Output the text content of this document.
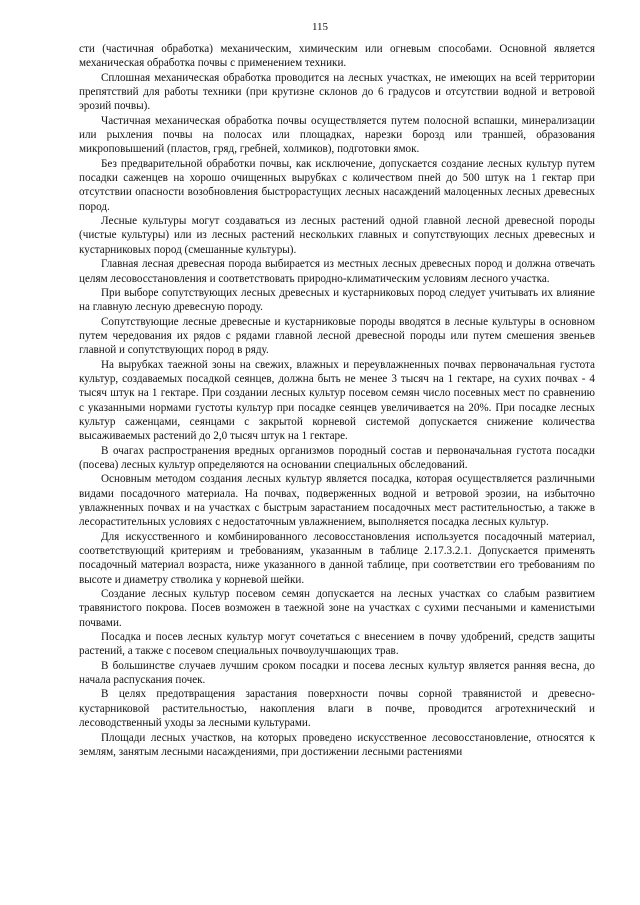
115

сти (частичная обработка) механическим, химическим или огневым способами. Основной является механическая обработка почвы с применением техники.

Сплошная механическая обработка проводится на лесных участках, не имеющих на всей территории препятствий для работы техники (при крутизне склонов до 6 градусов и отсутствии водной и ветровой эрозий почвы).

Частичная механическая обработка почвы осуществляется путем полосной вспашки, минерализации или рыхления почвы на полосах или площадках, нарезки борозд или траншей, образования микроповышений (пластов, гряд, гребней, холмиков), подготовки ямок.

Без предварительной обработки почвы, как исключение, допускается создание лесных культур путем посадки саженцев на хорошо очищенных вырубках с количеством пней до 500 штук на 1 гектар при отсутствии опасности возобновления быстрорастущих лесных насаждений малоценных лесных древесных пород.

Лесные культуры могут создаваться из лесных растений одной главной лесной древесной породы (чистые культуры) или из лесных растений нескольких главных и сопутствующих лесных древесных и кустарниковых пород (смешанные культуры).

Главная лесная древесная порода выбирается из местных лесных древесных пород и должна отвечать целям лесовосстановления и соответствовать природно-климатическим условиям лесного участка.

При выборе сопутствующих лесных древесных и кустарниковых пород следует учитывать их влияние на главную лесную древесную породу.

Сопутствующие лесные древесные и кустарниковые породы вводятся в лесные культуры в основном путем чередования их рядов с рядами главной лесной древесной породы или путем смешения звеньев главной и сопутствующих пород в ряду.

На вырубках таежной зоны на свежих, влажных и переувлажненных почвах первоначальная густота культур, создаваемых посадкой сеянцев, должна быть не менее 3 тысяч на 1 гектаре, на сухих почвах - 4 тысяч штук на 1 гектаре. При создании лесных культур посевом семян число посевных мест по сравнению с указанными нормами густоты культур при посадке сеянцев увеличивается на 20%. При посадке лесных культур саженцами, сеянцами с закрытой корневой системой допускается снижение количества высаживаемых растений до 2,0 тысяч штук на 1 гектаре.

В очагах распространения вредных организмов породный состав и первоначальная густота посадки (посева) лесных культур определяются на основании специальных обследований.

Основным методом создания лесных культур является посадка, которая осуществляется различными видами посадочного материала. На почвах, подверженных водной и ветровой эрозии, на избыточно увлажненных почвах и на участках с быстрым зарастанием посадочных мест растительностью, а также в лесорастительных условиях с недостаточным увлажнением, выполняется посадка лесных культур.

Для искусственного и комбинированного лесовосстановления используется посадочный материал, соответствующий критериям и требованиям, указанным в таблице 2.17.3.2.1. Допускается применять посадочный материал возраста, ниже указанного в данной таблице, при соответствии его требованиям по высоте и диаметру стволика у корневой шейки.

Создание лесных культур посевом семян допускается на лесных участках со слабым развитием травянистого покрова. Посев возможен в таежной зоне на участках с сухими песчаными и каменистыми почвами.

Посадка и посев лесных культур могут сочетаться с внесением в почву удобрений, средств защиты растений, а также с посевом специальных почвоулучшающих трав.

В большинстве случаев лучшим сроком посадки и посева лесных культур является ранняя весна, до начала распускания почек.

В целях предотвращения зарастания поверхности почвы сорной травянистой и древесно-кустарниковой растительностью, накопления влаги в почве, проводится агротехнический и лесоводственный уходы за лесными культурами.

Площади лесных участков, на которых проведено искусственное лесовосстановление, относятся к землям, занятым лесными насаждениями, при достижении лесными растениями
